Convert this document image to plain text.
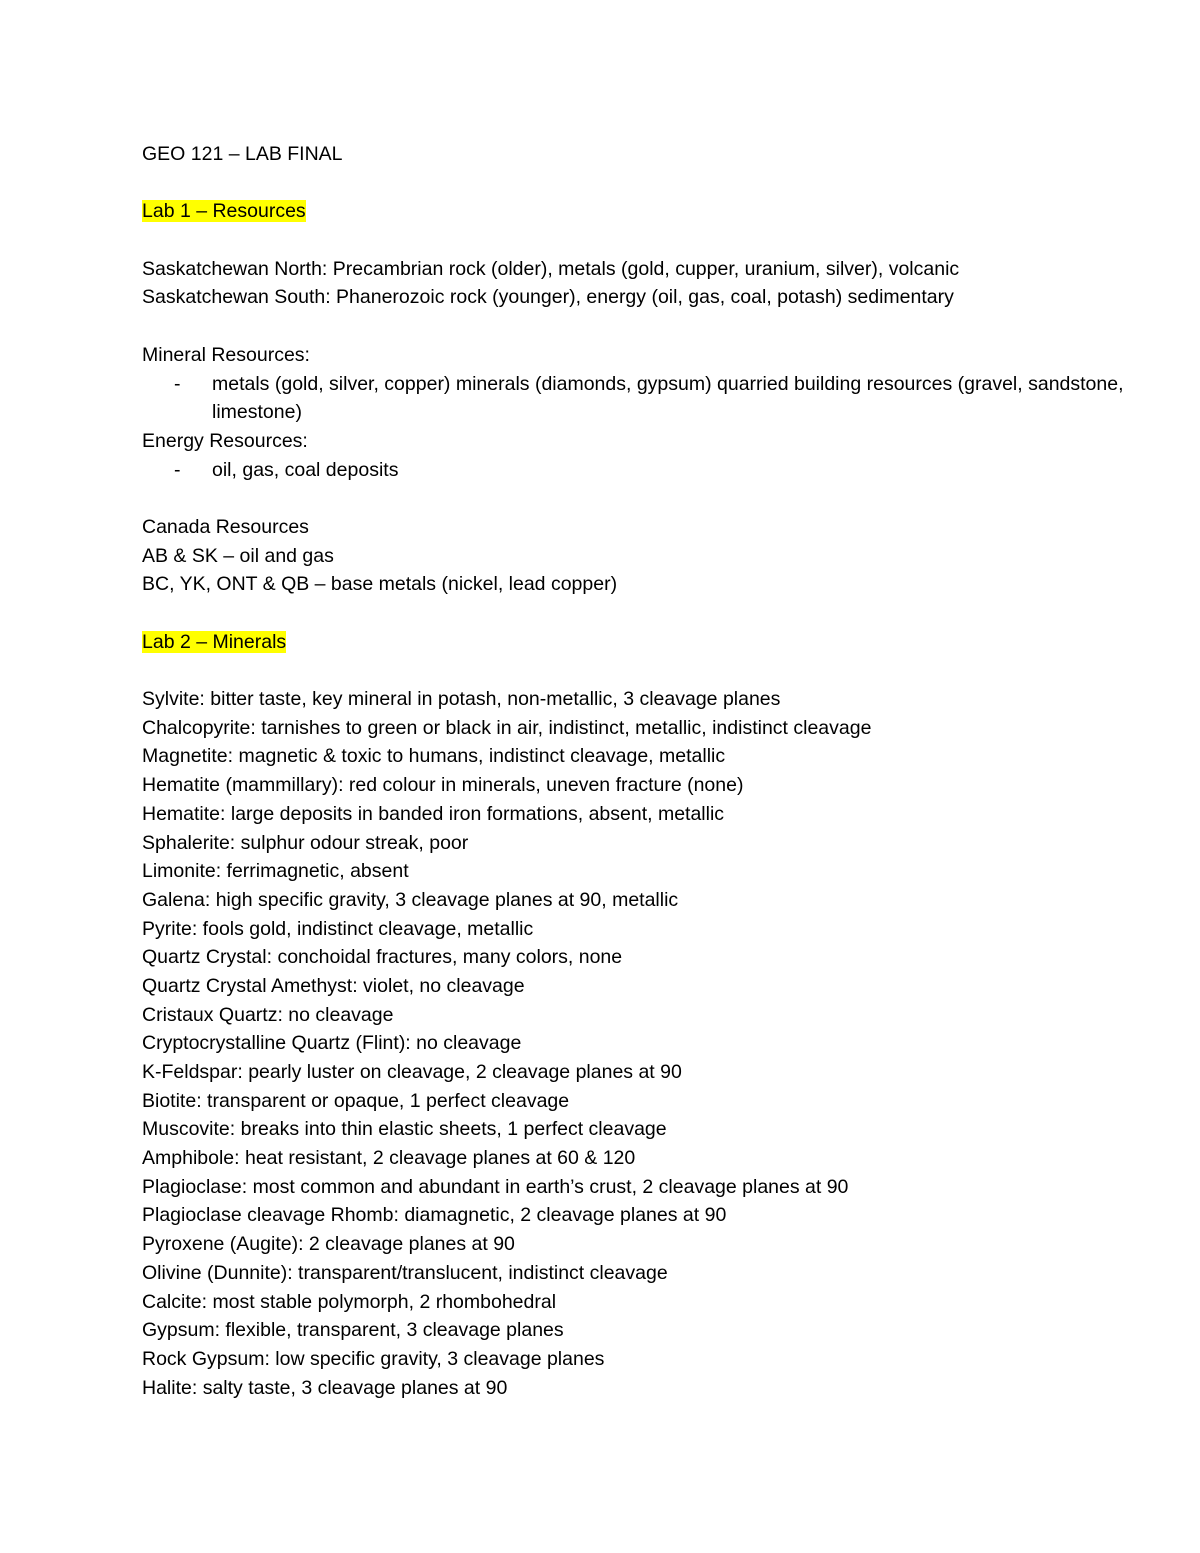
GEO 121 – LAB FINAL
Lab 1 – Resources
Saskatchewan North: Precambrian rock (older), metals (gold, cupper, uranium, silver), volcanic
Saskatchewan South: Phanerozoic rock (younger), energy (oil, gas, coal, potash) sedimentary
Mineral Resources:
-	metals (gold, silver, copper) minerals (diamonds, gypsum) quarried building resources (gravel, sandstone, limestone)
Energy Resources:
-	oil, gas, coal deposits
Canada Resources
AB & SK – oil and gas
BC, YK, ONT & QB – base metals (nickel, lead copper)
Lab 2 – Minerals
Sylvite: bitter taste, key mineral in potash, non-metallic, 3 cleavage planes
Chalcopyrite: tarnishes to green or black in air, indistinct, metallic, indistinct cleavage
Magnetite: magnetic & toxic to humans, indistinct cleavage, metallic
Hematite (mammillary): red colour in minerals, uneven fracture (none)
Hematite: large deposits in banded iron formations, absent, metallic
Sphalerite: sulphur odour streak, poor
Limonite: ferrimagnetic, absent
Galena: high specific gravity, 3 cleavage planes at 90, metallic
Pyrite: fools gold, indistinct cleavage, metallic
Quartz Crystal: conchoidal fractures, many colors, none
Quartz Crystal Amethyst: violet, no cleavage
Cristaux Quartz: no cleavage
Cryptocrystalline Quartz (Flint): no cleavage
K-Feldspar: pearly luster on cleavage, 2 cleavage planes at 90
Biotite: transparent or opaque, 1 perfect cleavage
Muscovite: breaks into thin elastic sheets, 1 perfect cleavage
Amphibole: heat resistant, 2 cleavage planes at 60 & 120
Plagioclase: most common and abundant in earth’s crust, 2 cleavage planes at 90
Plagioclase cleavage Rhomb: diamagnetic, 2 cleavage planes at 90
Pyroxene (Augite): 2 cleavage planes at 90
Olivine (Dunnite): transparent/translucent, indistinct cleavage
Calcite: most stable polymorph, 2 rhombohedral
Gypsum: flexible, transparent, 3 cleavage planes
Rock Gypsum: low specific gravity, 3 cleavage planes
Halite: salty taste, 3 cleavage planes at 90
